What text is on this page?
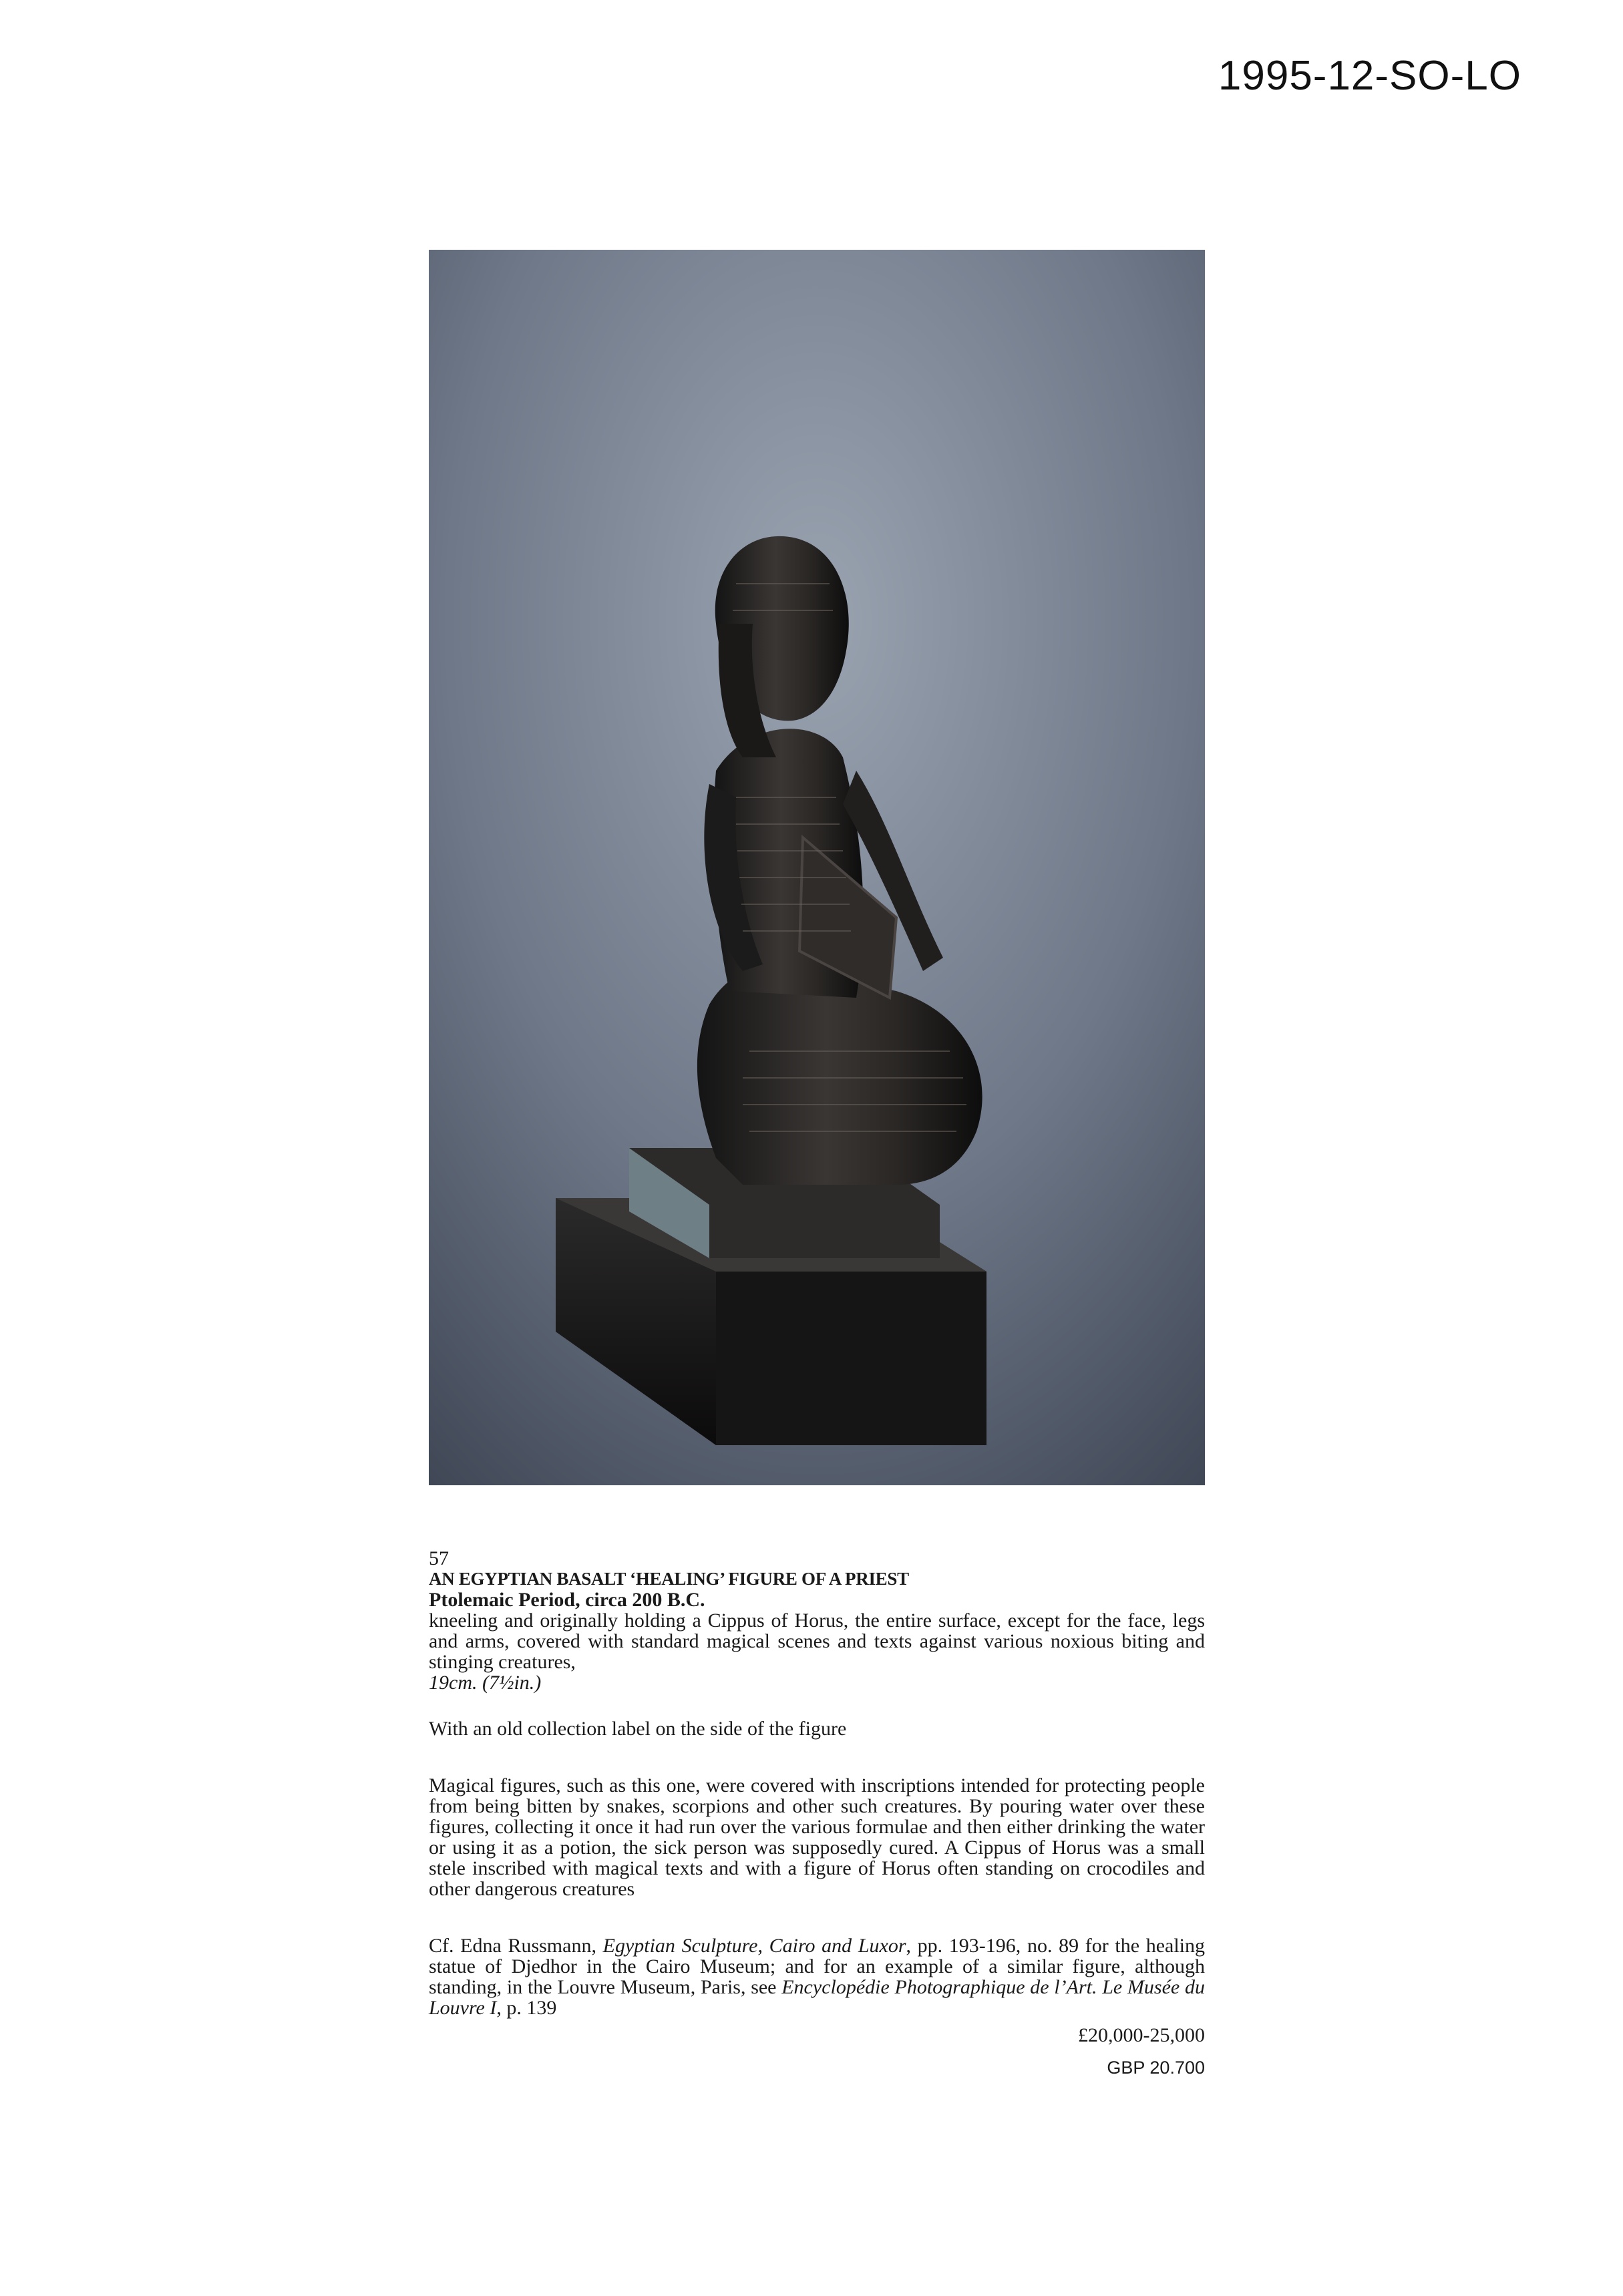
1995-12-SO-LO

57

AN EGYPTIAN BASALT ‘HEALING’ FIGURE OF A PRIEST

Ptolemaic Period, circa 200 B.C.

kneeling and originally holding a Cippus of Horus, the entire surface, except for the face, legs and arms, covered with standard magical scenes and texts against various noxious biting and stinging creatures,

19cm. (7½in.)

With an old collection label on the side of the figure

Magical figures, such as this one, were covered with inscriptions intended for protecting people from being bitten by snakes, scorpions and other such creatures. By pouring water over these figures, collecting it once it had run over the various formulae and then either drinking the water or using it as a potion, the sick person was supposedly cured. A Cippus of Horus was a small stele inscribed with magical texts and with a figure of Horus often standing on crocodiles and other dangerous creatures

Cf. Edna Russmann, Egyptian Sculpture, Cairo and Luxor, pp. 193-196, no. 89 for the healing statue of Djedhor in the Cairo Museum; and for an example of a similar figure, although standing, in the Louvre Museum, Paris, see Encyclopédie Photographique de l’Art. Le Musée du Louvre I, p. 139

£20,000-25,000

GBP 20.700
